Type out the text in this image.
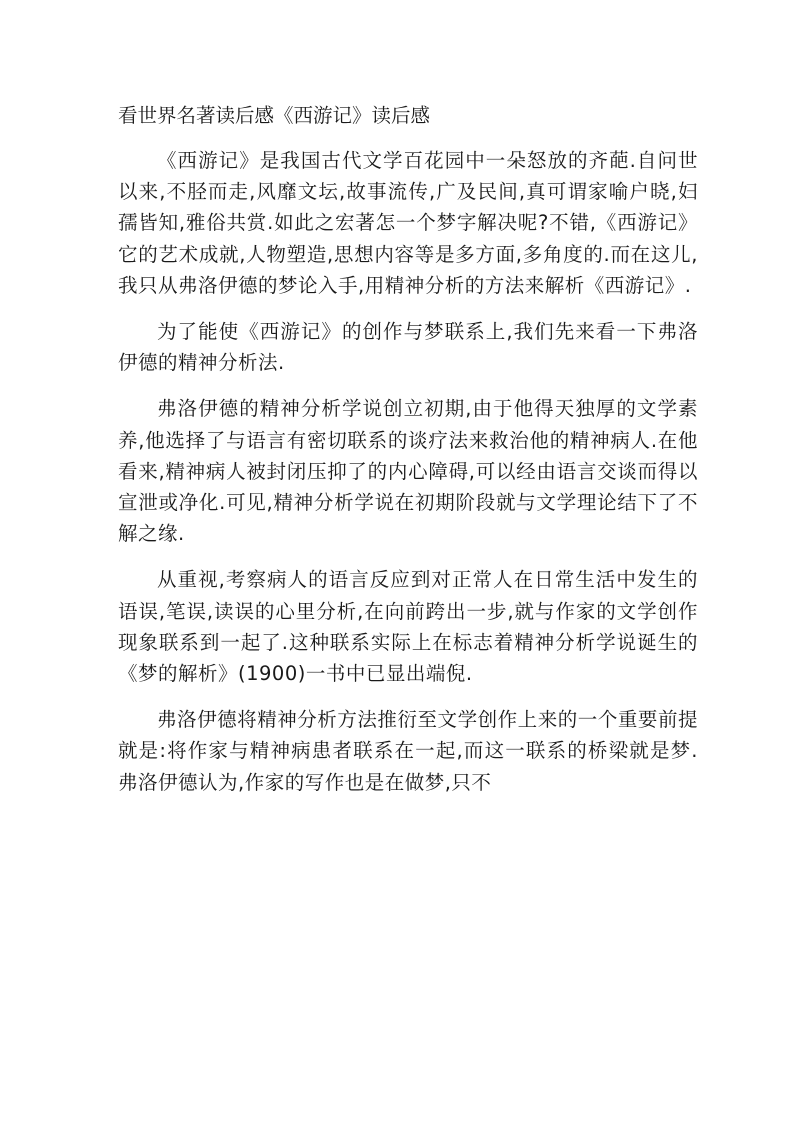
看世界名著读后感《西游记》读后感

《西游记》是我国古代文学百花园中一朵怒放的齐葩.自问世以来,不胫而走,风靡文坛,故事流传,广及民间,真可谓家喻户晓,妇孺皆知,雅俗共赏.如此之宏著怎一个梦字解决呢?不错,《西游记》它的艺术成就,人物塑造,思想内容等是多方面,多角度的.而在这儿,我只从弗洛伊德的梦论入手,用精神分析的方法来解析《西游记》.

为了能使《西游记》的创作与梦联系上,我们先来看一下弗洛伊德的精神分析法.

弗洛伊德的精神分析学说创立初期,由于他得天独厚的文学素养,他选择了与语言有密切联系的谈疗法来救治他的精神病人.在他看来,精神病人被封闭压抑了的内心障碍,可以经由语言交谈而得以宣泄或净化.可见,精神分析学说在初期阶段就与文学理论结下了不解之缘.

从重视,考察病人的语言反应到对正常人在日常生活中发生的语误,笔误,读误的心里分析,在向前跨出一步,就与作家的文学创作现象联系到一起了.这种联系实际上在标志着精神分析学说诞生的《梦的解析》(1900)一书中已显出端倪.

弗洛伊德将精神分析方法推衍至文学创作上来的一个重要前提就是:将作家与精神病患者联系在一起,而这一联系的桥梁就是梦.弗洛伊德认为,作家的写作也是在做梦,只不
